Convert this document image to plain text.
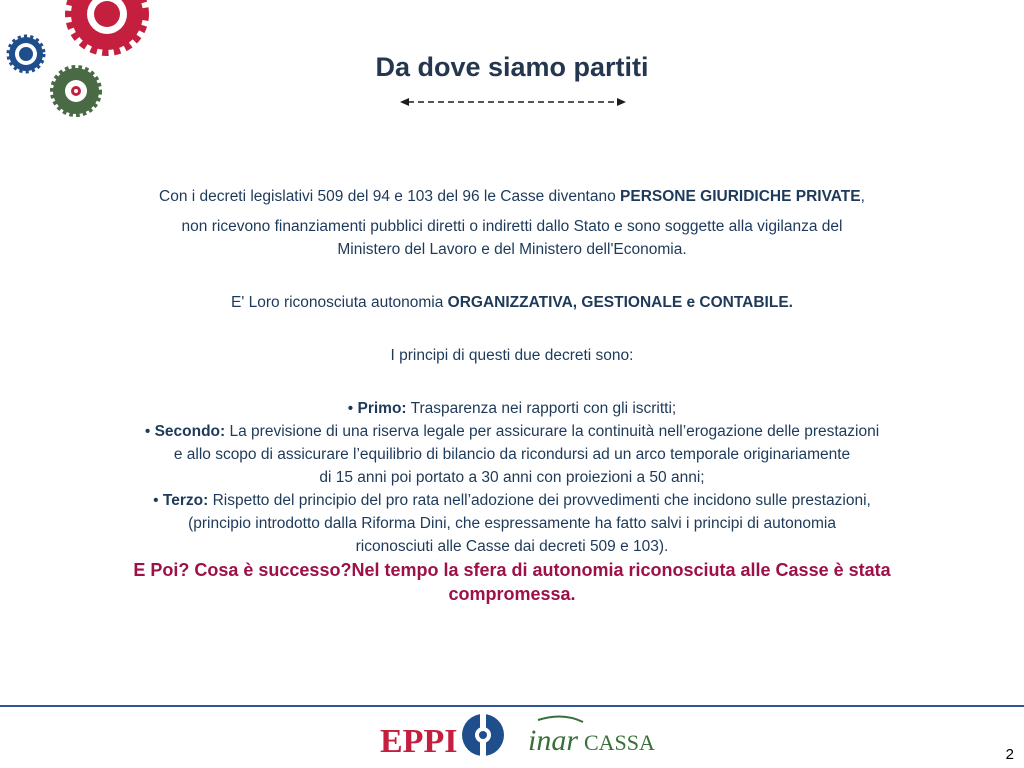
Da dove siamo partiti

Con i decreti legislativi 509 del 94 e 103 del 96 le Casse diventano PERSONE GIURIDICHE PRIVATE,

non ricevono finanziamenti pubblici diretti o indiretti dallo Stato e sono soggette alla vigilanza del

Ministero del Lavoro e del Ministero dell'Economia.

E' Loro riconosciuta autonomia ORGANIZZATIVA, GESTIONALE e CONTABILE.

I principi di questi due decreti sono:

• Primo: Trasparenza nei rapporti con gli iscritti;

• Secondo: La previsione di una riserva legale per assicurare la continuità nell’erogazione delle prestazioni

e allo scopo di assicurare l’equilibrio di bilancio da ricondursi ad un arco temporale originariamente

di 15 anni poi portato a 30 anni con proiezioni a 50 anni;

• Terzo: Rispetto del principio del pro rata nell’adozione dei provvedimenti che incidono sulle prestazioni,

(principio introdotto dalla Riforma Dini, che espressamente ha fatto salvi i principi di autonomia

riconosciuti alle Casse dai decreti 509 e 103).

E Poi? Cosa è successo?Nel tempo la sfera di autonomia riconosciuta alle Casse è stata
compromessa.

EPPI inar CASSA	2
